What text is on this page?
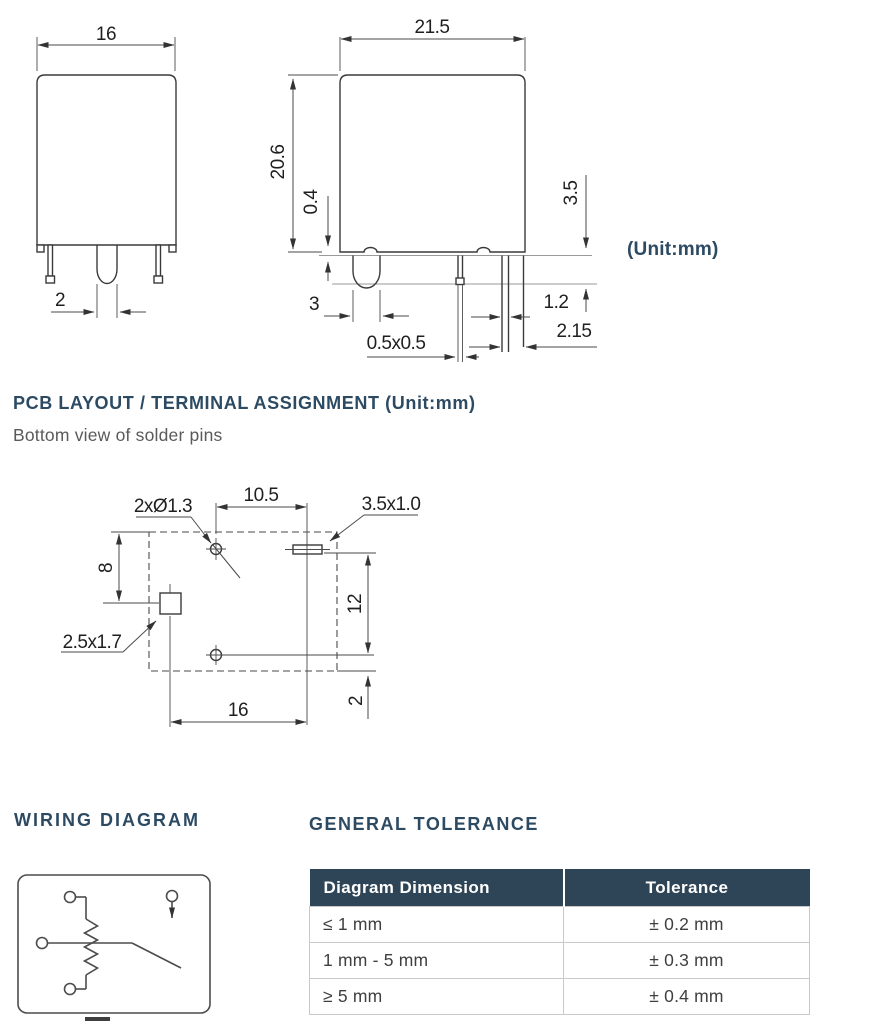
16
2
21.5
20.6
0.4
3
0.5x0.5
1.2
2.15
3.5
(Unit:mm)
PCB LAYOUT / TERMINAL ASSIGNMENT (Unit:mm)
Bottom view of solder pins
10.5
2xØ1.3	3.5x1.0
8
2.5x1.7
12
2
16
WIRING DIAGRAM	GENERAL TOLERANCE
Diagram Dimension	Tolerance
≤ 1 mm	± 0.2 mm
1 mm - 5 mm	± 0.3 mm
≥ 5 mm	± 0.4 mm
